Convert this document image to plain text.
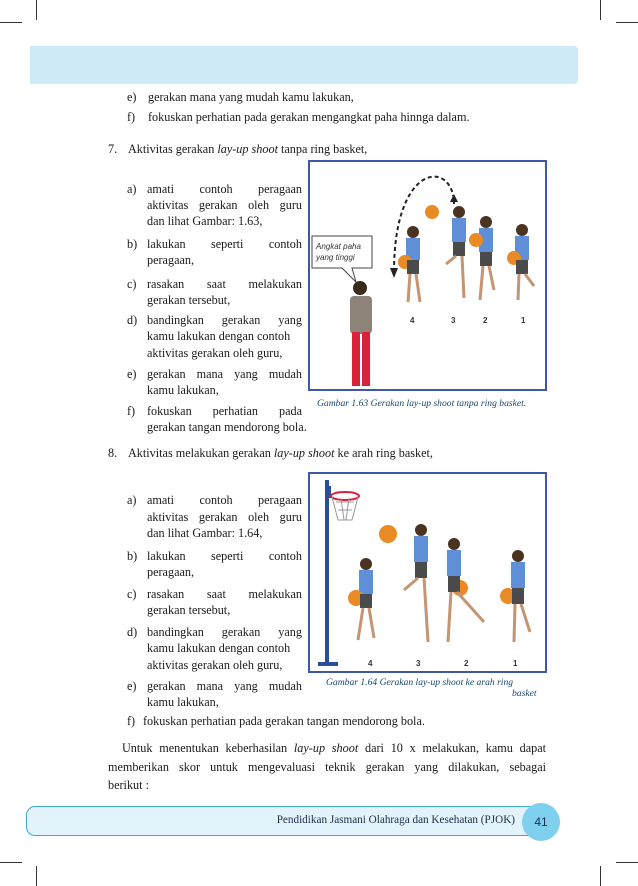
e) gerakan mana yang mudah kamu lakukan,
f) fokuskan perhatian pada gerakan mengangkat paha hinnga dalam.
7. Aktivitas gerakan lay-up shoot tanpa ring basket,
a) amati contoh peragaan
aktivitas gerakan oleh guru
dan lihat Gambar: 1.63,
b) lakukan seperti contoh
peragaan,
c) rasakan saat melakukan
gerakan tersebut,
d) bandingkan gerakan yang
kamu lakukan dengan contoh
aktivitas gerakan oleh guru,
e) gerakan mana yang mudah
kamu lakukan,
f) fokuskan perhatian pada
gerakan tangan mendorong bola.
Angkat paha yang tinggi
4	3	2	1
Gambar 1.63 Gerakan lay-up shoot tanpa ring basket.
8. Aktivitas melakukan gerakan lay-up shoot ke arah ring basket,
a) amati contoh peragaan
aktivitas gerakan oleh guru
dan lihat Gambar: 1.64,
b) lakukan seperti contoh
peragaan,
c) rasakan saat melakukan
gerakan tersebut,
d) bandingkan gerakan yang
kamu lakukan dengan contoh
aktivitas gerakan oleh guru,
e) gerakan mana yang mudah
kamu lakukan,
4	3	2	1
Gambar 1.64 Gerakan lay-up shoot ke arah ring
basket
f) fokuskan perhatian pada gerakan tangan mendorong bola.
Untuk menentukan keberhasilan lay-up shoot dari 10 x melakukan, kamu dapat
memberikan skor untuk mengevaluasi teknik gerakan yang dilakukan, sebagai
berikut :
Pendidikan Jasmani Olahraga dan Kesehatan (PJOK)	41
